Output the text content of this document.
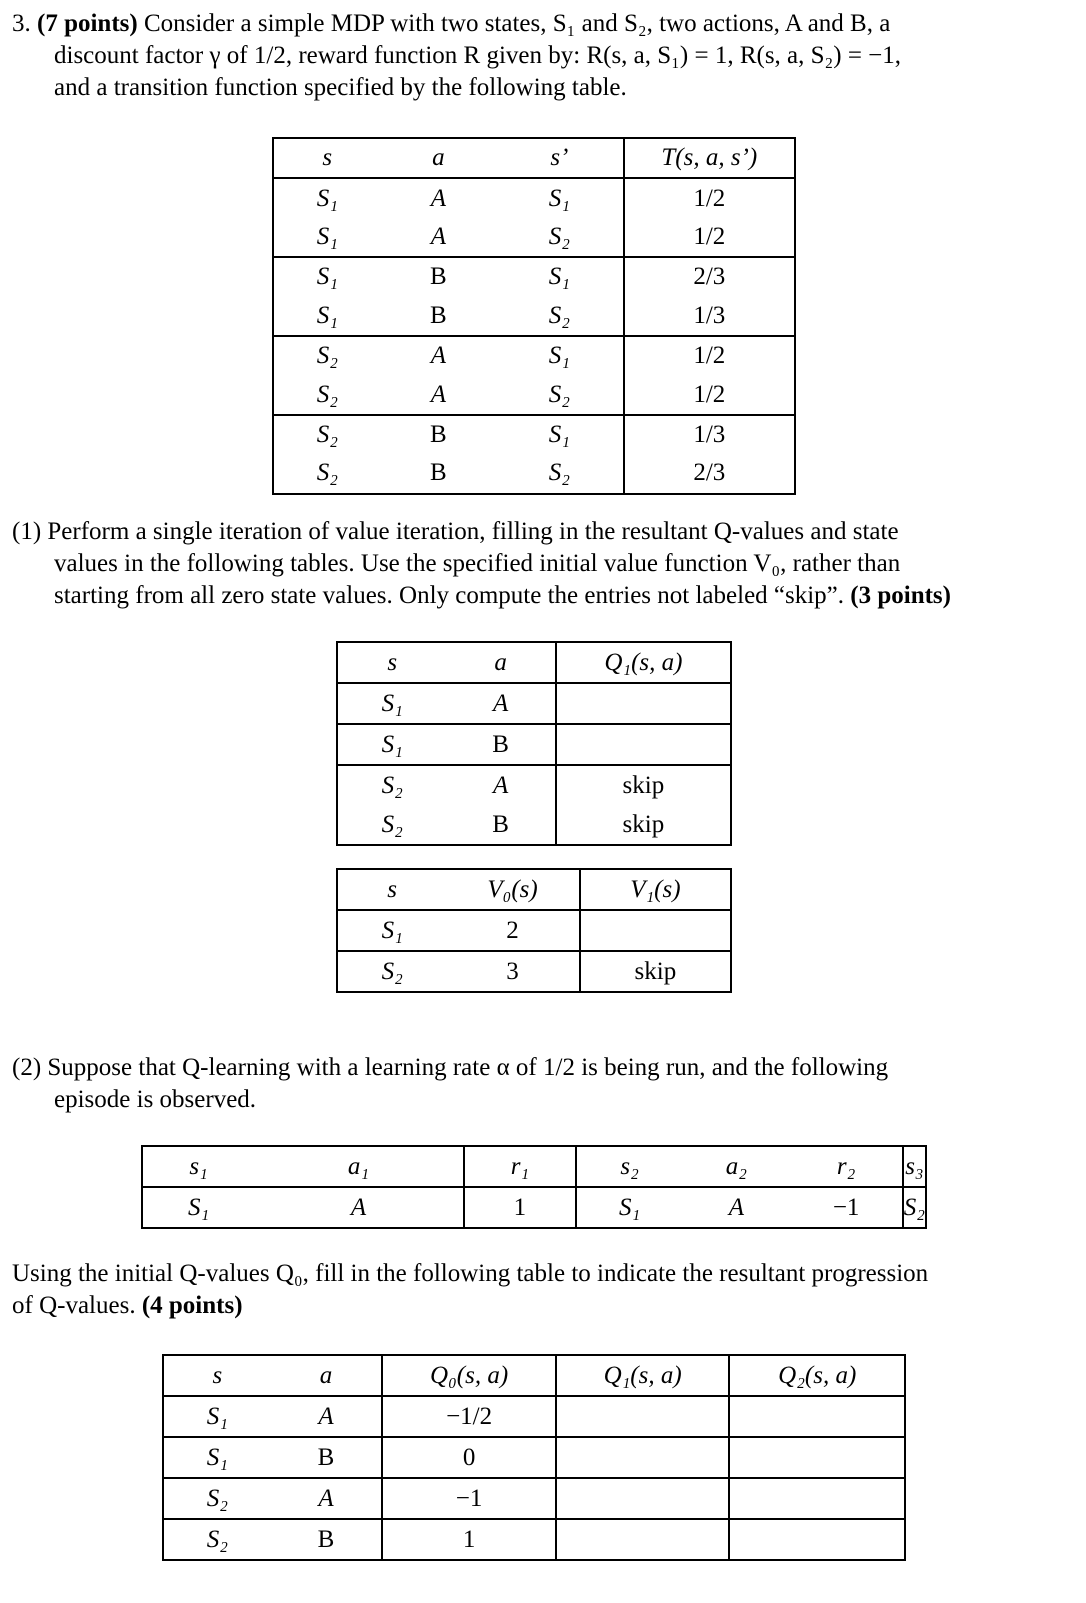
3. (7 points) Consider a simple MDP with two states, S₁ and S₂, two actions, A and B, a
discount factor γ of 1/2, reward function R given by: R(s, a, S₁) = 1, R(s, a, S₂) = −1,
and a transition function specified by the following table.
s	a	s’	T(s, a, s’)
S₁	A	S₁	1/2
S₁	A	S₂	1/2
S₁	B	S₁	2/3
S₁	B	S₂	1/3
S₂	A	S₁	1/2
S₂	A	S₂	1/2
S₂	B	S₁	1/3
S₂	B	S₂	2/3
(1) Perform a single iteration of value iteration, filling in the resultant Q-values and state
values in the following tables. Use the specified initial value function V₀, rather than
starting from all zero state values. Only compute the entries not labeled “skip”. (3 points)
s	a	Q₁(s, a)
S₁	A	
S₁	B	
S₂	A	skip
S₂	B	skip
s	V₀(s)	V₁(s)
S₁	2	
S₂	3	skip
(2) Suppose that Q-learning with a learning rate α of 1/2 is being run, and the following
episode is observed.
s₁	a₁	r₁	s₂	a₂	r₂	s₃
S₁	A	1	S₁	A	−1	S₂
Using the initial Q-values Q₀, fill in the following table to indicate the resultant progression
of Q-values. (4 points)
s	a	Q₀(s, a)	Q₁(s, a)	Q₂(s, a)
S₁	A	−1/2		
S₁	B	0		
S₂	A	−1		
S₂	B	1		
